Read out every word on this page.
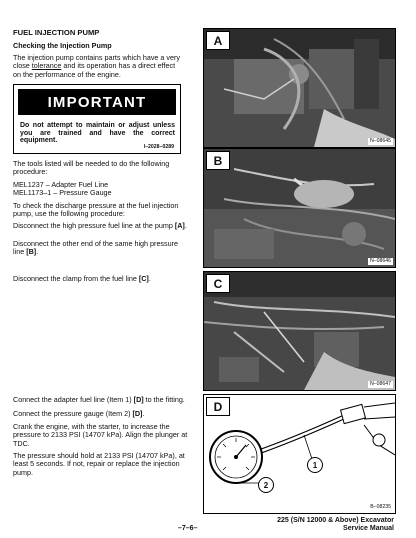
FUEL INJECTION PUMP
Checking the Injection Pump
The injection pump contains parts which have a very close tolerance and its operation has a direct effect on the performance of the engine.
IMPORTANT
Do not attempt to maintain or adjust unless you are trained and have the correct equipment.
I–2028–0289
The tools listed will be needed to do the following procedure:
MEL1237 – Adapter Fuel Line
MEL1173–1 – Pressure Gauge
To check the discharge pressure at the fuel injection pump, use the following procedure:
Disconnect the high pressure fuel line at the pump [A].
Disconnect the other end of the same high pressure line [B].
Disconnect the clamp from the fuel line [C].
Connect the adapter fuel line (Item 1) [D] to the fitting.
Connect the pressure gauge (Item 2) [D].
Crank the engine, with the starter, to increase the pressure to 2133 PSI (14707 kPa). Align the plunger at TDC.
The pressure should hold at 2133 PSI (14707 kPa), at least 5 seconds. If not, repair or replace the injection pump.
A
N–08645
B
N–08646
C
N–08647
1
2
D
B–08235
–7–6–
225 (S/N 12000 & Above) Excavator
Service Manual
